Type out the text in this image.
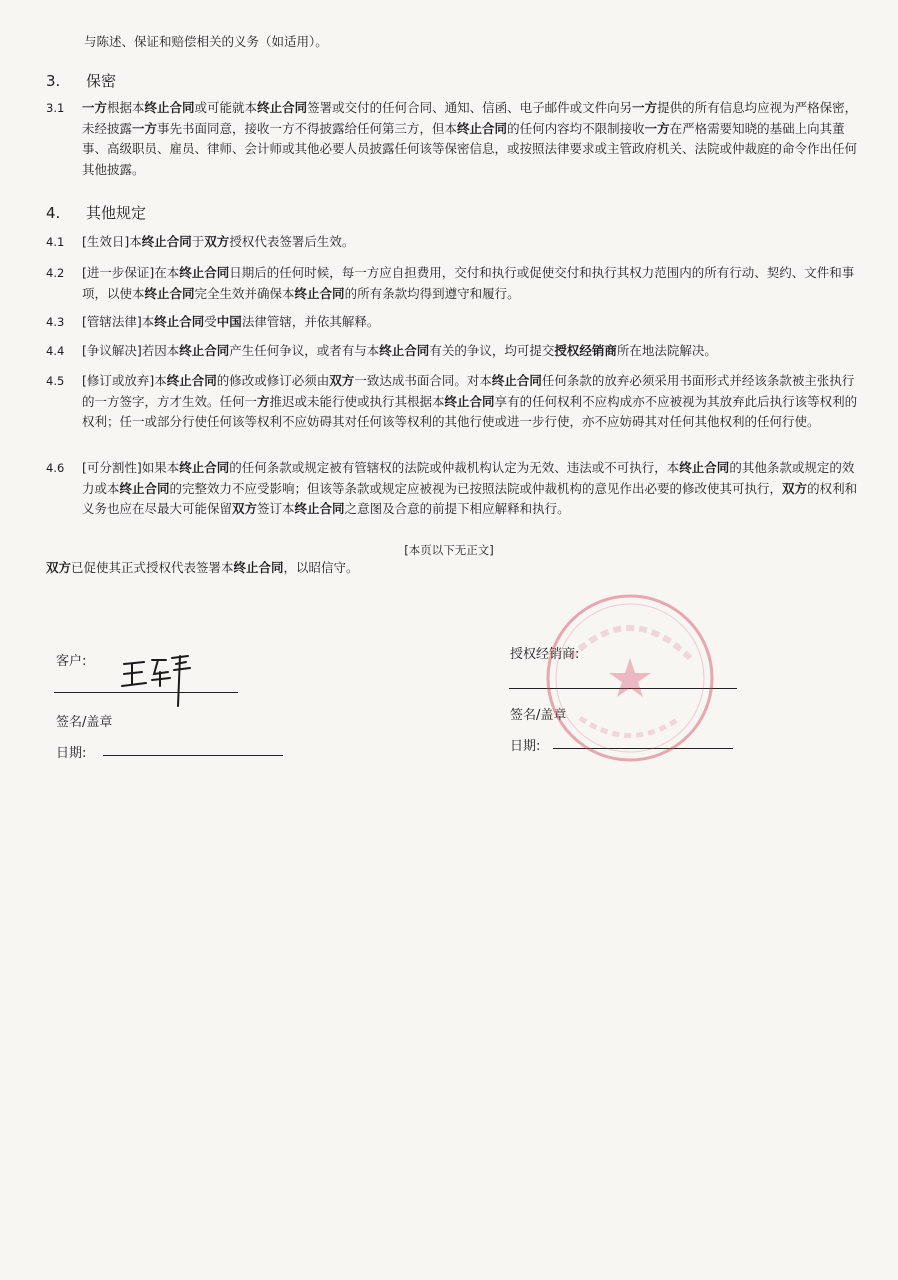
与陈述、保证和赔偿相关的义务（如适用）。
3. 保密
3.1	一方根据本终止合同或可能就本终止合同签署或交付的任何合同、通知、信函、电子邮件或文件向另一方提供的所有信息均应视为严格保密，未经披露一方事先书面同意，接收一方不得披露给任何第三方，但本终止合同的任何内容均不限制接收一方在严格需要知晓的基础上向其董事、高级职员、雇员、律师、会计师或其他必要人员披露任何该等保密信息，或按照法律要求或主管政府机关、法院或仲裁庭的命令作出任何其他披露。
4. 其他规定
4.1	[生效日]本终止合同于双方授权代表签署后生效。
4.2	[进一步保证]在本终止合同日期后的任何时候，每一方应自担费用，交付和执行或促使交付和执行其权力范围内的所有行动、契约、文件和事项，以使本终止合同完全生效并确保本终止合同的所有条款均得到遵守和履行。
4.3	[管辖法律]本终止合同受中国法律管辖，并依其解释。
4.4	[争议解决]若因本终止合同产生任何争议，或者有与本终止合同有关的争议，均可提交授权经销商所在地法院解决。
4.5	[修订或放弃]本终止合同的修改或修订必须由双方一致达成书面合同。对本终止合同任何条款的放弃必须采用书面形式并经该条款被主张执行的一方签字，方才生效。任何一方推迟或未能行使或执行其根据本终止合同享有的任何权利不应构成亦不应被视为其放弃此后执行该等权利的权利；任一或部分行使任何该等权利不应妨碍其对任何该等权利的其他行使或进一步行使，亦不应妨碍其对任何其他权利的任何行使。
4.6	[可分割性]如果本终止合同的任何条款或规定被有管辖权的法院或仲裁机构认定为无效、违法或不可执行，本终止合同的其他条款或规定的效力或本终止合同的完整效力不应受影响；但该等条款或规定应被视为已按照法院或仲裁机构的意见作出必要的修改使其可执行，双方的权利和义务也应在尽最大可能保留双方签订本终止合同之意图及合意的前提下相应解释和执行。
[本页以下无正文]
双方已促使其正式授权代表签署本终止合同，以昭信守。
客户:
签名/盖章
日期:
授权经销商:
签名/盖章
日期:
